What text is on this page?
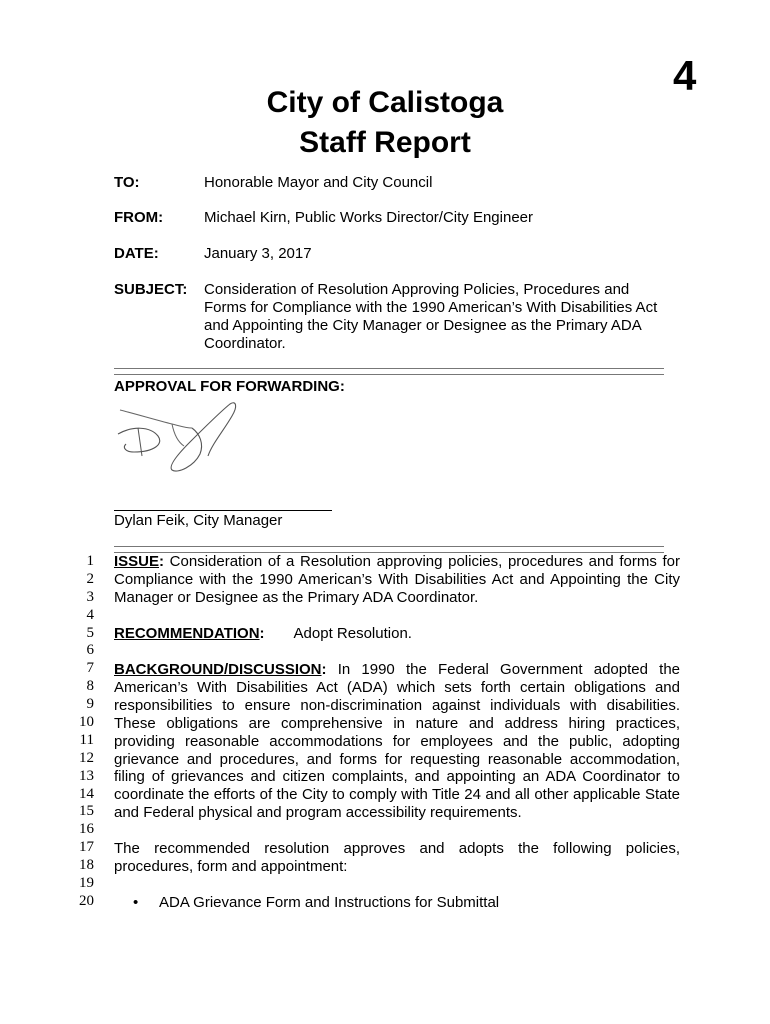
4
City of Calistoga
Staff Report
TO:	Honorable Mayor and City Council
FROM:	Michael Kirn, Public Works Director/City Engineer
DATE:	January 3, 2017
SUBJECT: Consideration of Resolution Approving Policies, Procedures and Forms for Compliance with the 1990 American’s With Disabilities Act and Appointing the City Manager or Designee as the Primary ADA Coordinator.
APPROVAL FOR FORWARDING:
Dylan Feik, City Manager
1
2
3
4
5
6
7
8
9
10
11
12
13
14
15
16
17
18
19
20
ISSUE: Consideration of a Resolution approving policies, procedures and forms for Compliance with the 1990 American’s With Disabilities Act and Appointing the City Manager or Designee as the Primary ADA Coordinator.
RECOMMENDATION: Adopt Resolution.
BACKGROUND/DISCUSSION: In 1990 the Federal Government adopted the American’s With Disabilities Act (ADA) which sets forth certain obligations and responsibilities to ensure non-discrimination against individuals with disabilities. These obligations are comprehensive in nature and address hiring practices, providing reasonable accommodations for employees and the public, adopting grievance and procedures, and forms for requesting reasonable accommodation, filing of grievances and citizen complaints, and appointing an ADA Coordinator to coordinate the efforts of the City to comply with Title 24 and all other applicable State and Federal physical and program accessibility requirements.
The recommended resolution approves and adopts the following policies, procedures, form and appointment:
• ADA Grievance Form and Instructions for Submittal
